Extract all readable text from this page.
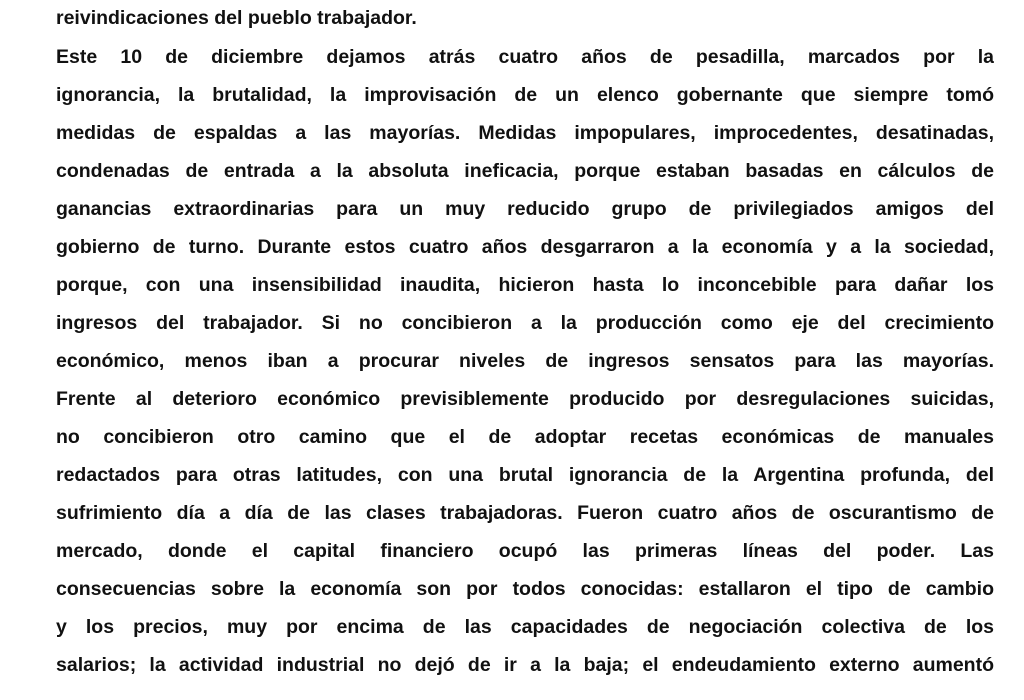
reivindicaciones del pueblo trabajador.
Este 10 de diciembre dejamos atrás cuatro años de pesadilla, marcados por la
ignorancia, la brutalidad, la improvisación de un elenco gobernante que siempre tomó
medidas de espaldas a las mayorías. Medidas impopulares, improcedentes, desatinadas,
condenadas de entrada a la absoluta ineficacia, porque estaban basadas en cálculos de
ganancias extraordinarias para un muy reducido grupo de privilegiados amigos del
gobierno de turno. Durante estos cuatro años desgarraron a la economía y a la sociedad,
porque, con una insensibilidad inaudita, hicieron hasta lo inconcebible para dañar los
ingresos del trabajador. Si no concibieron a la producción como eje del crecimiento
económico, menos iban a procurar niveles de ingresos sensatos para las mayorías.
Frente al deterioro económico previsiblemente producido por desregulaciones suicidas,
no concibieron otro camino que el de adoptar recetas económicas de manuales
redactados para otras latitudes, con una brutal ignorancia de la Argentina profunda, del
sufrimiento día a día de las clases trabajadoras. Fueron cuatro años de oscurantismo de
mercado, donde el capital financiero ocupó las primeras líneas del poder. Las
consecuencias sobre la economía son por todos conocidas: estallaron el tipo de cambio
y los precios, muy por encima de las capacidades de negociación colectiva de los
salarios; la actividad industrial no dejó de ir a la baja; el endeudamiento externo aumentó
